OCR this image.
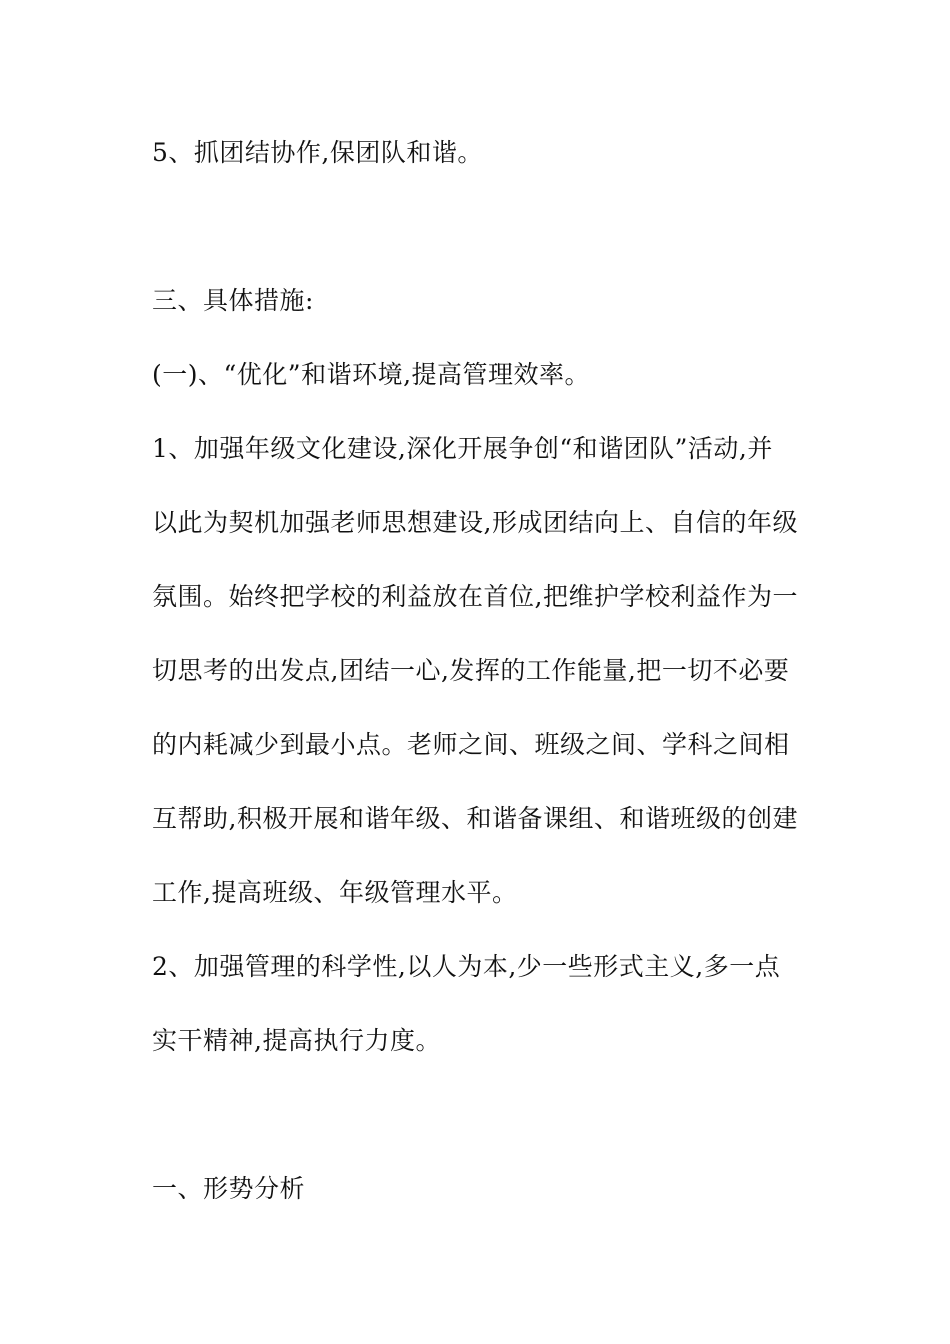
5、抓团结协作,保团队和谐。
三、具体措施:
(一)、“优化”和谐环境,提高管理效率。
1、加强年级文化建设,深化开展争创“和谐团队”活动,并
以此为契机加强老师思想建设,形成团结向上、自信的年级
氛围。始终把学校的利益放在首位,把维护学校利益作为一
切思考的出发点,团结一心,发挥的工作能量,把一切不必要
的内耗减少到最小点。老师之间、班级之间、学科之间相
互帮助,积极开展和谐年级、和谐备课组、和谐班级的创建
工作,提高班级、年级管理水平。
2、加强管理的科学性,以人为本,少一些形式主义,多一点
实干精神,提高执行力度。
一、形势分析
